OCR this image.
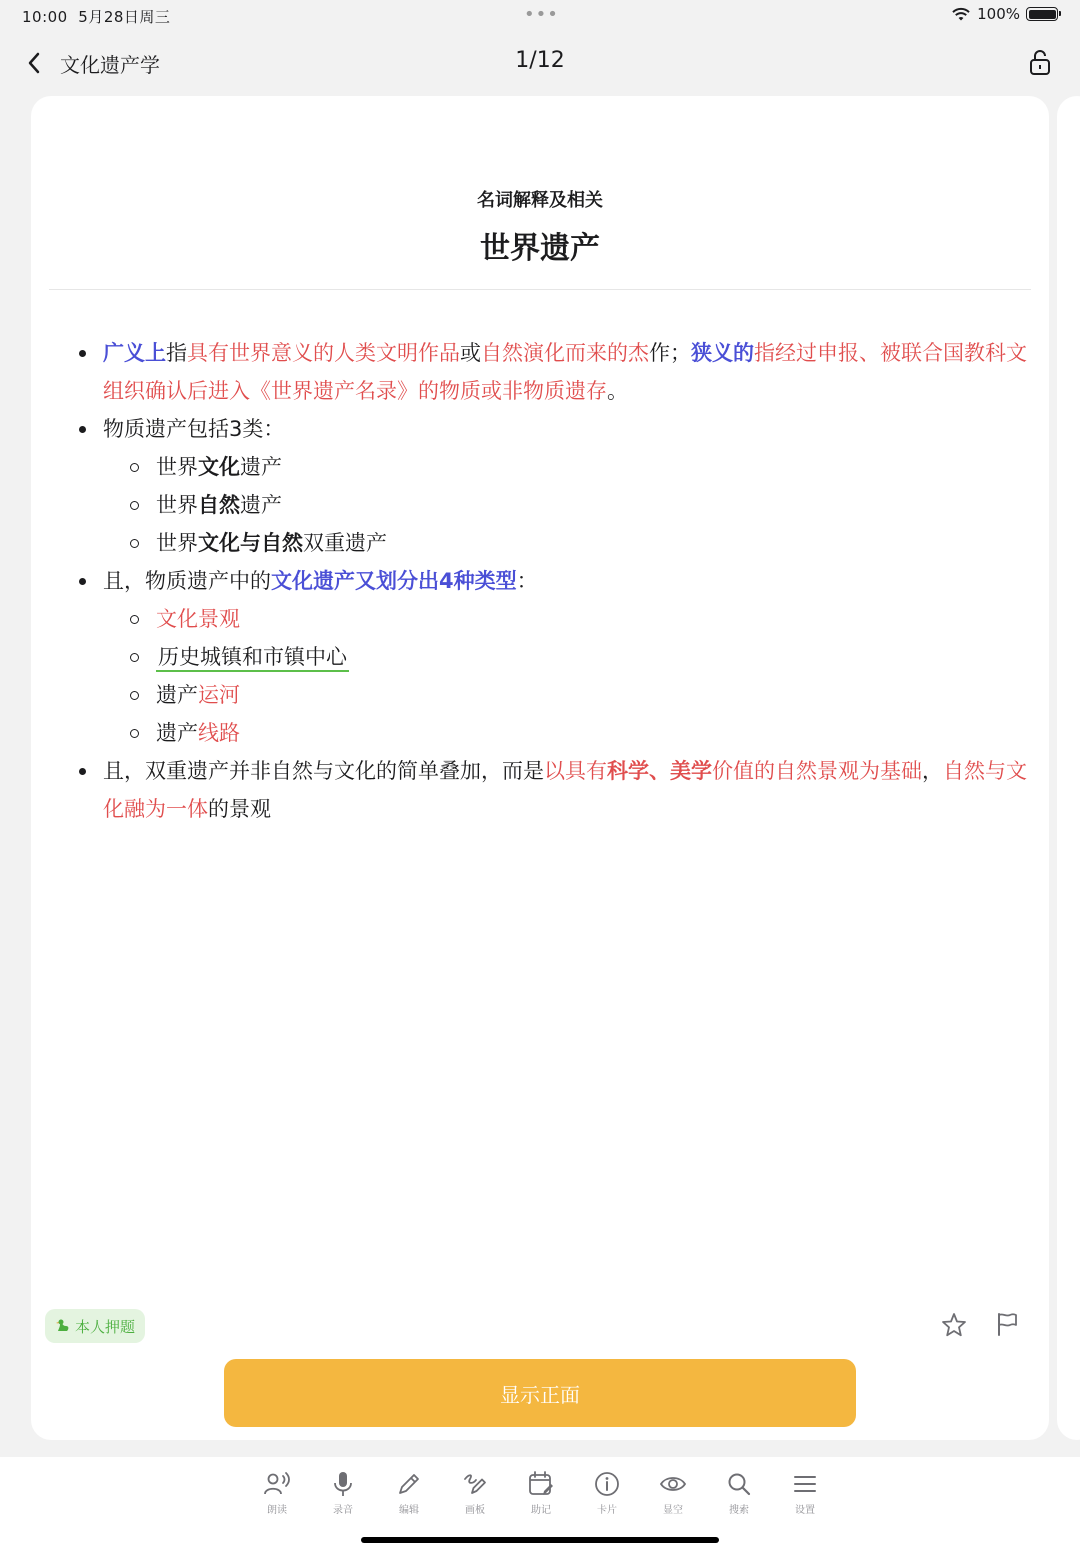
10:00 5月28日周三	•••	100%
文化遗产学	1/12
名词解释及相关
世界遗产
广义上指具有世界意义的人类文明作品或自然演化而来的杰作；狭义的指经过申报、被联合国教科文组织确认后进入《世界遗产名录》的物质或非物质遗存。
物质遗产包括3类：
世界文化遗产
世界自然遗产
世界文化与自然双重遗产
且，物质遗产中的文化遗产又划分出4种类型：
文化景观
历史城镇和市镇中心
遗产运河
遗产线路
且，双重遗产并非自然与文化的简单叠加，而是以具有科学、美学价值的自然景观为基础，自然与文化融为一体的景观
本人押题
显示正面
朗读	录音	编辑	画板	助记	卡片	显空	搜索	设置
